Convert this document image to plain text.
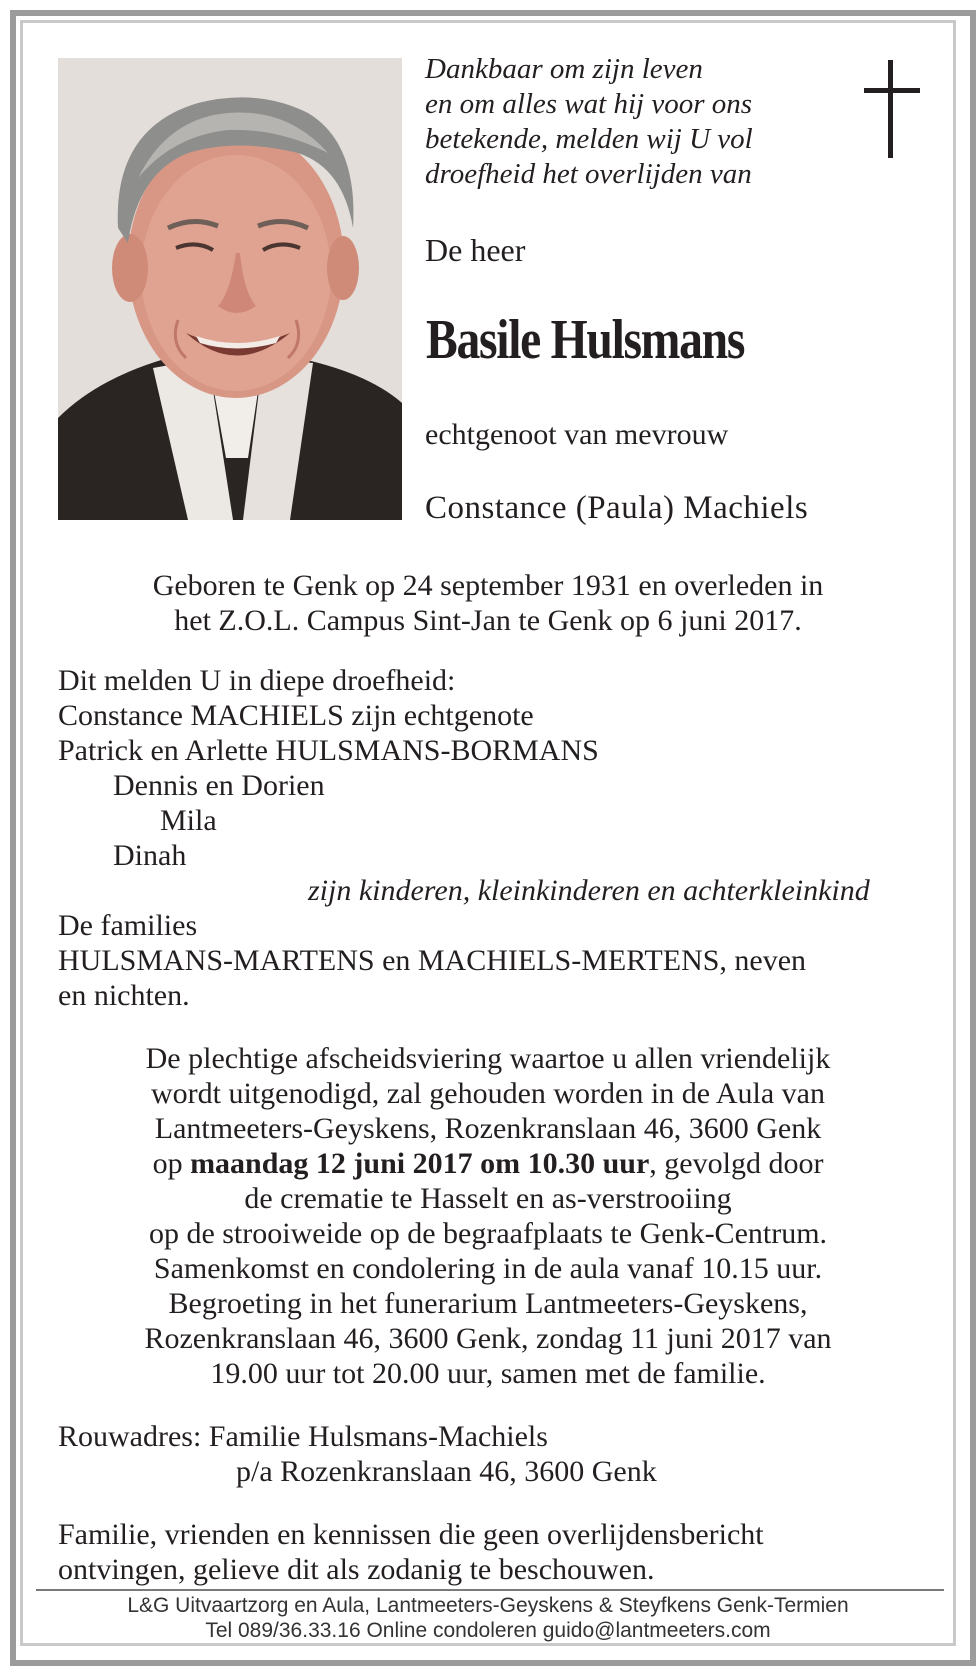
Dankbaar om zijn leven
en om alles wat hij voor ons
betekende, melden wij U vol
droefheid het overlijden van
De heer
Basile Hulsmans
echtgenoot van mevrouw
Constance (Paula) Machiels
Geboren te Genk op 24 september 1931 en overleden in
het Z.O.L. Campus Sint-Jan te Genk op 6 juni 2017.
Dit melden U in diepe droefheid:
Constance MACHIELS zijn echtgenote
Patrick en Arlette HULSMANS-BORMANS
Dennis en Dorien
Mila
Dinah
zijn kinderen, kleinkinderen en achterkleinkind
De families
HULSMANS-MARTENS en MACHIELS-MERTENS, neven
en nichten.
De plechtige afscheidsviering waartoe u allen vriendelijk
wordt uitgenodigd, zal gehouden worden in de Aula van
Lantmeeters-Geyskens, Rozenkranslaan 46, 3600 Genk
op maandag 12 juni 2017 om 10.30 uur, gevolgd door
de crematie te Hasselt en as-verstrooiing
op de strooiweide op de begraafplaats te Genk-Centrum.
Samenkomst en condolering in de aula vanaf 10.15 uur.
Begroeting in het funerarium Lantmeeters-Geyskens,
Rozenkranslaan 46, 3600 Genk, zondag 11 juni 2017 van
19.00 uur tot 20.00 uur, samen met de familie.
Rouwadres: Familie Hulsmans-Machiels
p/a Rozenkranslaan 46, 3600 Genk
Familie, vrienden en kennissen die geen overlijdensbericht
ontvingen, gelieve dit als zodanig te beschouwen.
L&G Uitvaartzorg en Aula, Lantmeeters-Geyskens & Steyfkens Genk-Termien
Tel 089/36.33.16 Online condoleren guido@lantmeeters.com
